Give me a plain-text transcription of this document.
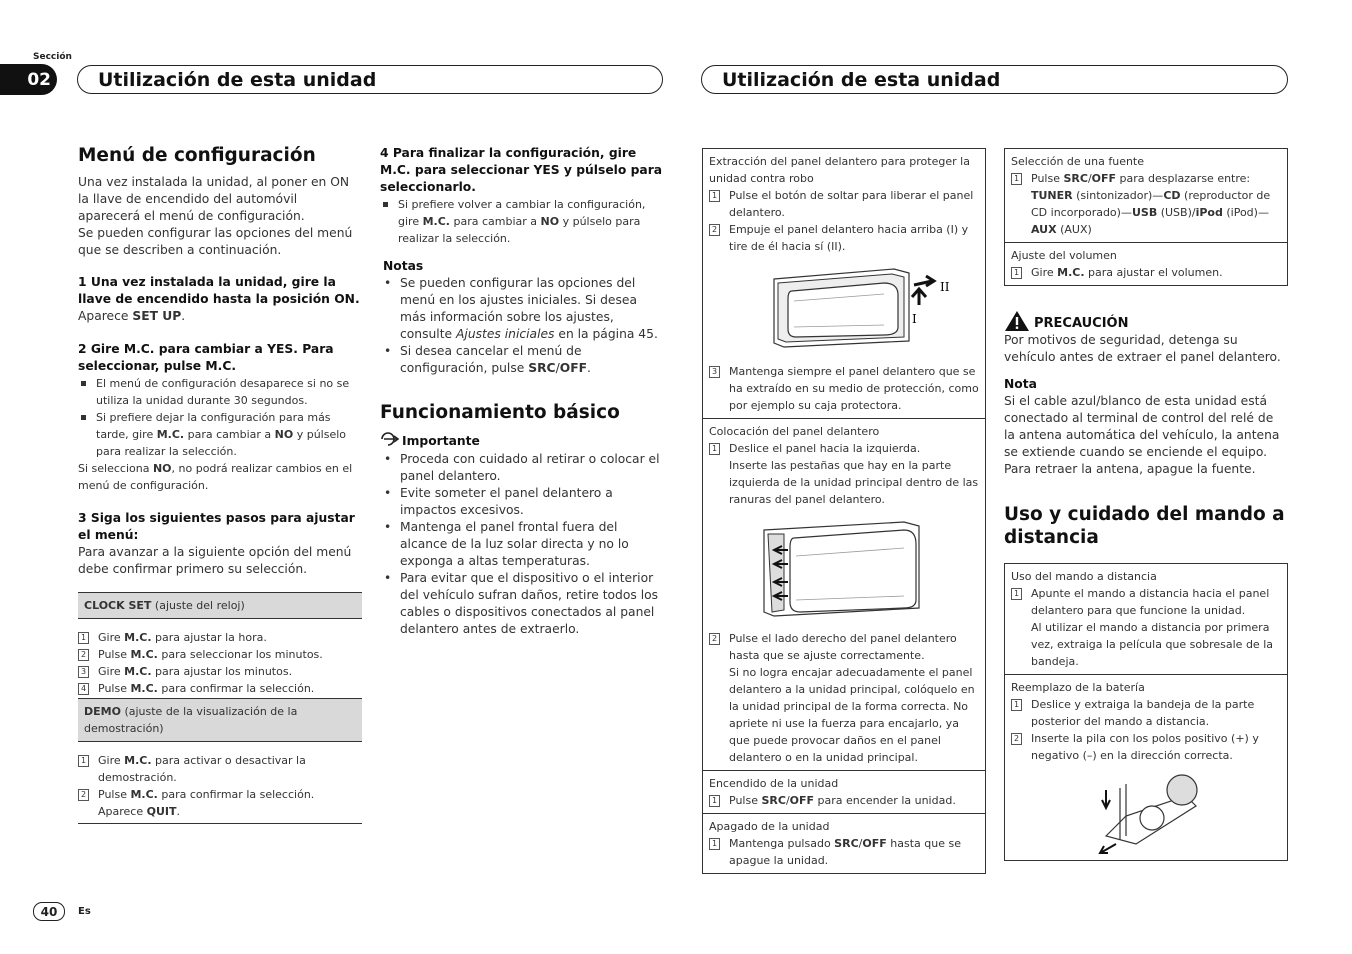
Sección
02	Utilización de esta unidad	Utilización de esta unidad
Menú de configuración
Una vez instalada la unidad, al poner en ON la llave de encendido del automóvil aparecerá el menú de configuración.
Se pueden configurar las opciones del menú que se describen a continuación.
1 Una vez instalada la unidad, gire la llave de encendido hasta la posición ON.
Aparece SET UP.
2 Gire M.C. para cambiar a YES. Para seleccionar, pulse M.C.
El menú de configuración desaparece si no se utiliza la unidad durante 30 segundos.
Si prefiere dejar la configuración para más tarde, gire M.C. para cambiar a NO y púlselo para realizar la selección.
Si selecciona NO, no podrá realizar cambios en el menú de configuración.
3 Siga los siguientes pasos para ajustar el menú:
Para avanzar a la siguiente opción del menú debe confirmar primero su selección.
CLOCK SET (ajuste del reloj)
1 Gire M.C. para ajustar la hora.
2 Pulse M.C. para seleccionar los minutos.
3 Gire M.C. para ajustar los minutos.
4 Pulse M.C. para confirmar la selección.
DEMO (ajuste de la visualización de la demostración)
1 Gire M.C. para activar o desactivar la demostración.
2 Pulse M.C. para confirmar la selección.
Aparece QUIT.
4 Para finalizar la configuración, gire M.C. para seleccionar YES y púlselo para seleccionarlo.
Si prefiere volver a cambiar la configuración, gire M.C. para cambiar a NO y púlselo para realizar la selección.
Notas
• Se pueden configurar las opciones del menú en los ajustes iniciales. Si desea más información sobre los ajustes, consulte Ajustes iniciales en la página 45.
• Si desea cancelar el menú de configuración, pulse SRC/OFF.
Funcionamiento básico
Importante
• Proceda con cuidado al retirar o colocar el panel delantero.
• Evite someter el panel delantero a impactos excesivos.
• Mantenga el panel frontal fuera del alcance de la luz solar directa y no lo exponga a altas temperaturas.
• Para evitar que el dispositivo o el interior del vehículo sufran daños, retire todos los cables o dispositivos conectados al panel delantero antes de extraerlo.
Extracción del panel delantero para proteger la unidad contra robo
1 Pulse el botón de soltar para liberar el panel delantero.
2 Empuje el panel delantero hacia arriba (I) y tire de él hacia sí (II).
II
I
3 Mantenga siempre el panel delantero que se ha extraído en su medio de protección, como por ejemplo su caja protectora.
Colocación del panel delantero
1 Deslice el panel hacia la izquierda.
Inserte las pestañas que hay en la parte izquierda de la unidad principal dentro de las ranuras del panel delantero.
2 Pulse el lado derecho del panel delantero hasta que se ajuste correctamente.
Si no logra encajar adecuadamente el panel delantero a la unidad principal, colóquelo en la unidad principal de la forma correcta. No apriete ni use la fuerza para encajarlo, ya que puede provocar daños en el panel delantero o en la unidad principal.
Encendido de la unidad
1 Pulse SRC/OFF para encender la unidad.
Apagado de la unidad
1 Mantenga pulsado SRC/OFF hasta que se apague la unidad.
Selección de una fuente
1 Pulse SRC/OFF para desplazarse entre:
TUNER (sintonizador)—CD (reproductor de CD incorporado)—USB (USB)/iPod (iPod)—AUX (AUX)
Ajuste del volumen
1 Gire M.C. para ajustar el volumen.
PRECAUCIÓN
Por motivos de seguridad, detenga su vehículo antes de extraer el panel delantero.
Nota
Si el cable azul/blanco de esta unidad está conectado al terminal de control del relé de la antena automática del vehículo, la antena se extiende cuando se enciende el equipo. Para retraer la antena, apague la fuente.
Uso y cuidado del mando a distancia
Uso del mando a distancia
1 Apunte el mando a distancia hacia el panel delantero para que funcione la unidad.
Al utilizar el mando a distancia por primera vez, extraiga la película que sobresale de la bandeja.
Reemplazo de la batería
1 Deslice y extraiga la bandeja de la parte posterior del mando a distancia.
2 Inserte la pila con los polos positivo (+) y negativo (–) en la dirección correcta.
40	Es
